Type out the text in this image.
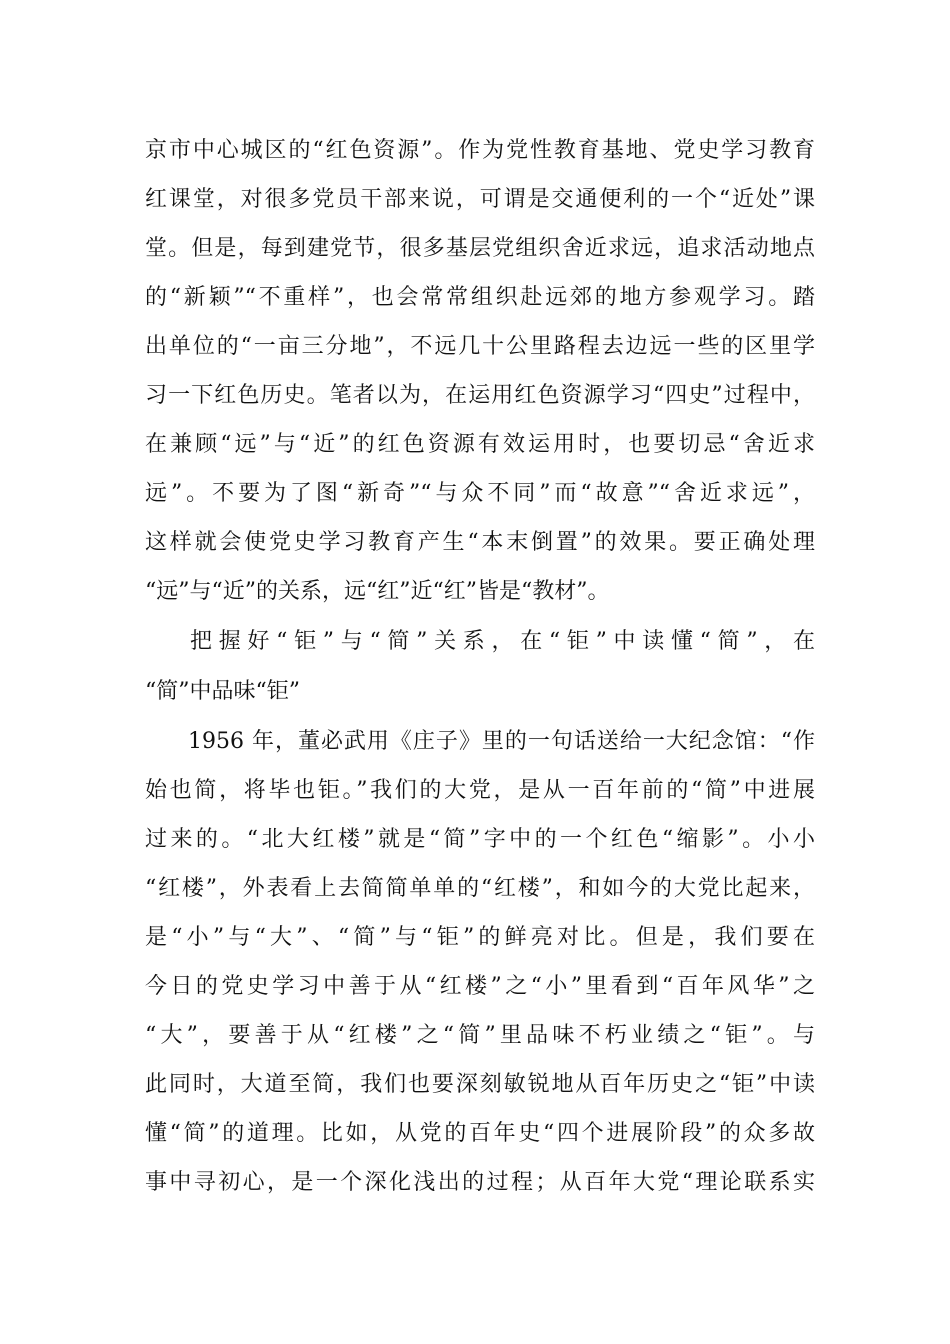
京市中心城区的“红色资源”。作为党性教育基地、党史学习教育

红课堂，对很多党员干部来说，可谓是交通便利的一个“近处”课

堂。但是，每到建党节，很多基层党组织舍近求远，追求活动地点

的“新颖”“不重样”，也会常常组织赴远郊的地方参观学习。踏

出单位的“一亩三分地”，不远几十公里路程去边远一些的区里学

习一下红色历史。笔者以为，在运用红色资源学习“四史”过程中，

在兼顾“远”与“近”的红色资源有效运用时，也要切忌“舍近求

远”。不要为了图“新奇”“与众不同”而“故意”“舍近求远”，

这样就会使党史学习教育产生“本末倒置”的效果。要正确处理

“远”与“近”的关系，远“红”近“红”皆是“教材”。

把握好“钜”与“简”关系，在“钜”中读懂“简”，在

“简”中品味“钜”

1956 年，董必武用《庄子》里的一句话送给一大纪念馆：“作

始也简，将毕也钜。”我们的大党，是从一百年前的“简”中进展

过来的。“北大红楼”就是“简”字中的一个红色“缩影”。小小

“红楼”，外表看上去简简单单的“红楼”，和如今的大党比起来，

是“小”与“大”、“简”与“钜”的鲜亮对比。但是，我们要在

今日的党史学习中善于从“红楼”之“小”里看到“百年风华”之

“大”，要善于从“红楼”之“简”里品味不朽业绩之“钜”。与

此同时，大道至简，我们也要深刻敏锐地从百年历史之“钜”中读

懂“简”的道理。比如，从党的百年史“四个进展阶段”的众多故

事中寻初心，是一个深化浅出的过程；从百年大党“理论联系实
